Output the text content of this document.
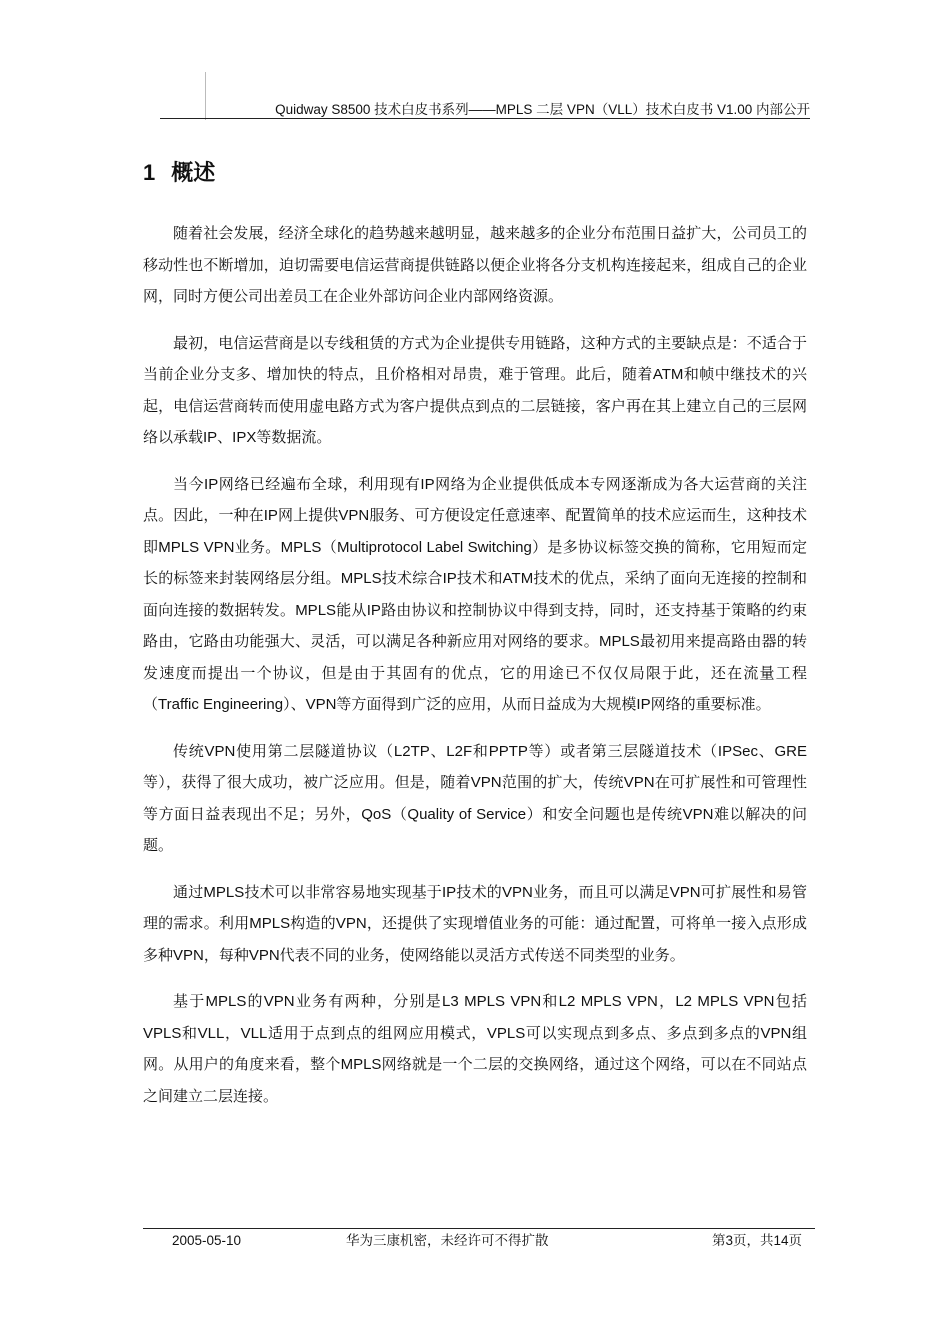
Quidway S8500 技术白皮书系列——MPLS 二层 VPN（VLL）技术白皮书 V1.00 内部公开
1 概述

随着社会发展，经济全球化的趋势越来越明显，越来越多的企业分布范围日益扩大，公司员工的移动性也不断增加，迫切需要电信运营商提供链路以便企业将各分支机构连接起来，组成自己的企业网，同时方便公司出差员工在企业外部访问企业内部网络资源。

最初，电信运营商是以专线租赁的方式为企业提供专用链路，这种方式的主要缺点是：不适合于当前企业分支多、增加快的特点，且价格相对昂贵，难于管理。此后，随着ATM和帧中继技术的兴起，电信运营商转而使用虚电路方式为客户提供点到点的二层链接，客户再在其上建立自己的三层网络以承载IP、IPX等数据流。

当今IP网络已经遍布全球，利用现有IP网络为企业提供低成本专网逐渐成为各大运营商的关注点。因此，一种在IP网上提供VPN服务、可方便设定任意速率、配置简单的技术应运而生，这种技术即MPLS VPN业务。MPLS（Multiprotocol Label Switching）是多协议标签交换的简称，它用短而定长的标签来封装网络层分组。MPLS技术综合IP技术和ATM技术的优点，采纳了面向无连接的控制和面向连接的数据转发。MPLS能从IP路由协议和控制协议中得到支持，同时，还支持基于策略的约束路由，它路由功能强大、灵活，可以满足各种新应用对网络的要求。MPLS最初用来提高路由器的转发速度而提出一个协议，但是由于其固有的优点，它的用途已不仅仅局限于此，还在流量工程（Traffic Engineering）、VPN等方面得到广泛的应用，从而日益成为大规模IP网络的重要标准。

传统VPN使用第二层隧道协议（L2TP、L2F和PPTP等）或者第三层隧道技术（IPSec、GRE等），获得了很大成功，被广泛应用。但是，随着VPN范围的扩大，传统VPN在可扩展性和可管理性等方面日益表现出不足；另外，QoS（Quality of Service）和安全问题也是传统VPN难以解决的问题。

通过MPLS技术可以非常容易地实现基于IP技术的VPN业务，而且可以满足VPN可扩展性和易管理的需求。利用MPLS构造的VPN，还提供了实现增值业务的可能：通过配置，可将单一接入点形成多种VPN，每种VPN代表不同的业务，使网络能以灵活方式传送不同类型的业务。

基于MPLS的VPN业务有两种，分别是L3 MPLS VPN和L2 MPLS VPN，L2 MPLS VPN包括VPLS和VLL，VLL适用于点到点的组网应用模式，VPLS可以实现点到多点、多点到多点的VPN组网。从用户的角度来看，整个MPLS网络就是一个二层的交换网络，通过这个网络，可以在不同站点之间建立二层连接。

2005-05-10	华为三康机密，未经许可不得扩散	第3页，共14页
